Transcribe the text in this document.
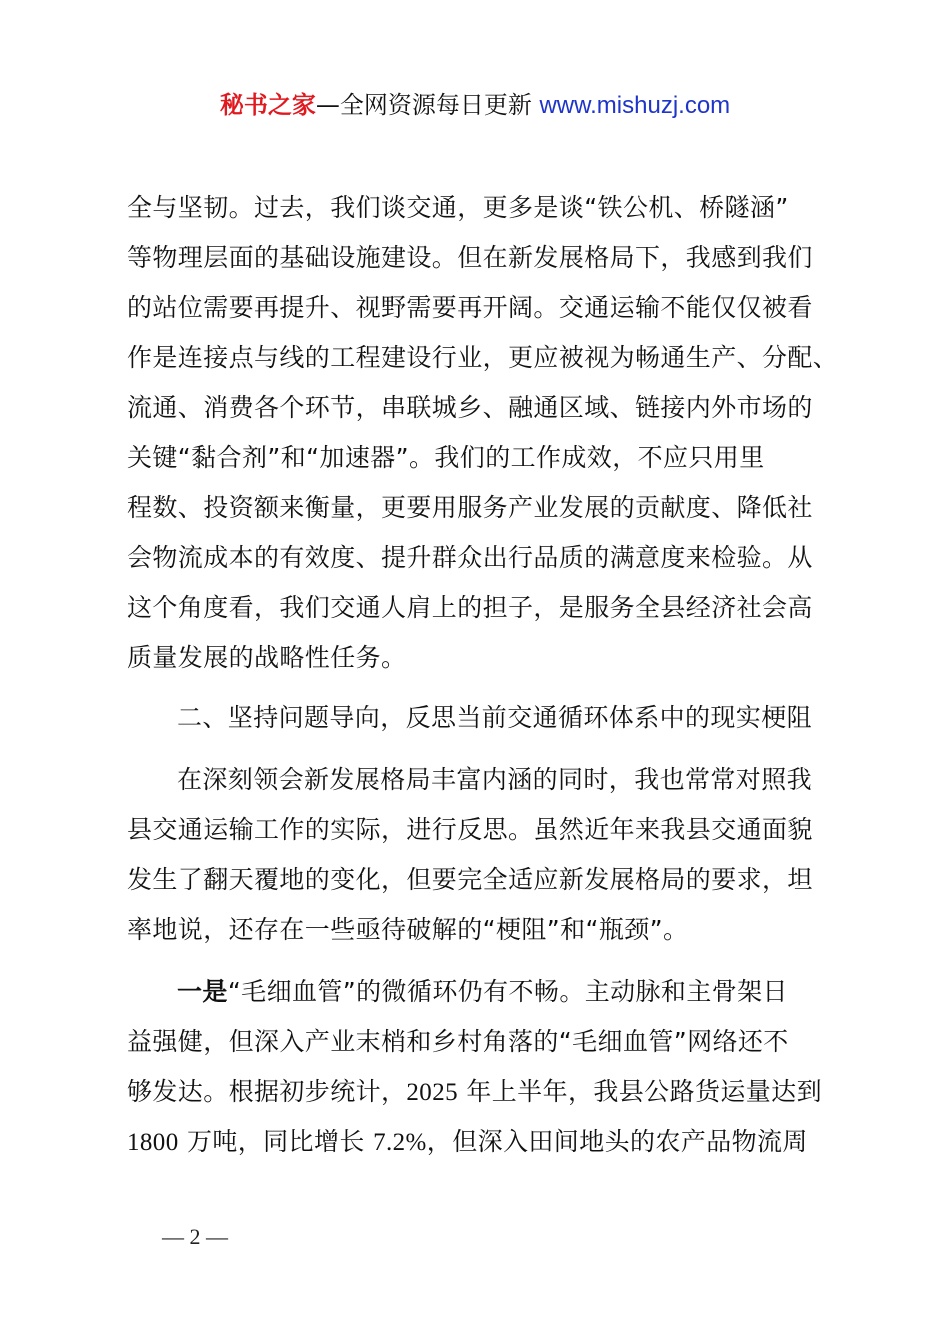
秘书之家—全网资源每日更新 www.mishuzj.com
全与坚韧。过去，我们谈交通，更多是谈“铁公机、桥隧涵”
等物理层面的基础设施建设。但在新发展格局下，我感到我们
的站位需要再提升、视野需要再开阔。交通运输不能仅仅被看
作是连接点与线的工程建设行业，更应被视为畅通生产、分配、
流通、消费各个环节，串联城乡、融通区域、链接内外市场的
关键“黏合剂”和“加速器”。我们的工作成效，不应只用里
程数、投资额来衡量，更要用服务产业发展的贡献度、降低社
会物流成本的有效度、提升群众出行品质的满意度来检验。从
这个角度看，我们交通人肩上的担子，是服务全县经济社会高
质量发展的战略性任务。
二、坚持问题导向，反思当前交通循环体系中的现实梗阻
在深刻领会新发展格局丰富内涵的同时，我也常常对照我
县交通运输工作的实际，进行反思。虽然近年来我县交通面貌
发生了翻天覆地的变化，但要完全适应新发展格局的要求，坦
率地说，还存在一些亟待破解的“梗阻”和“瓶颈”。
一是“毛细血管”的微循环仍有不畅。主动脉和主骨架日
益强健，但深入产业末梢和乡村角落的“毛细血管”网络还不
够发达。根据初步统计，2025 年上半年，我县公路货运量达到
1800 万吨，同比增长 7.2%，但深入田间地头的农产品物流周
— 2 —
